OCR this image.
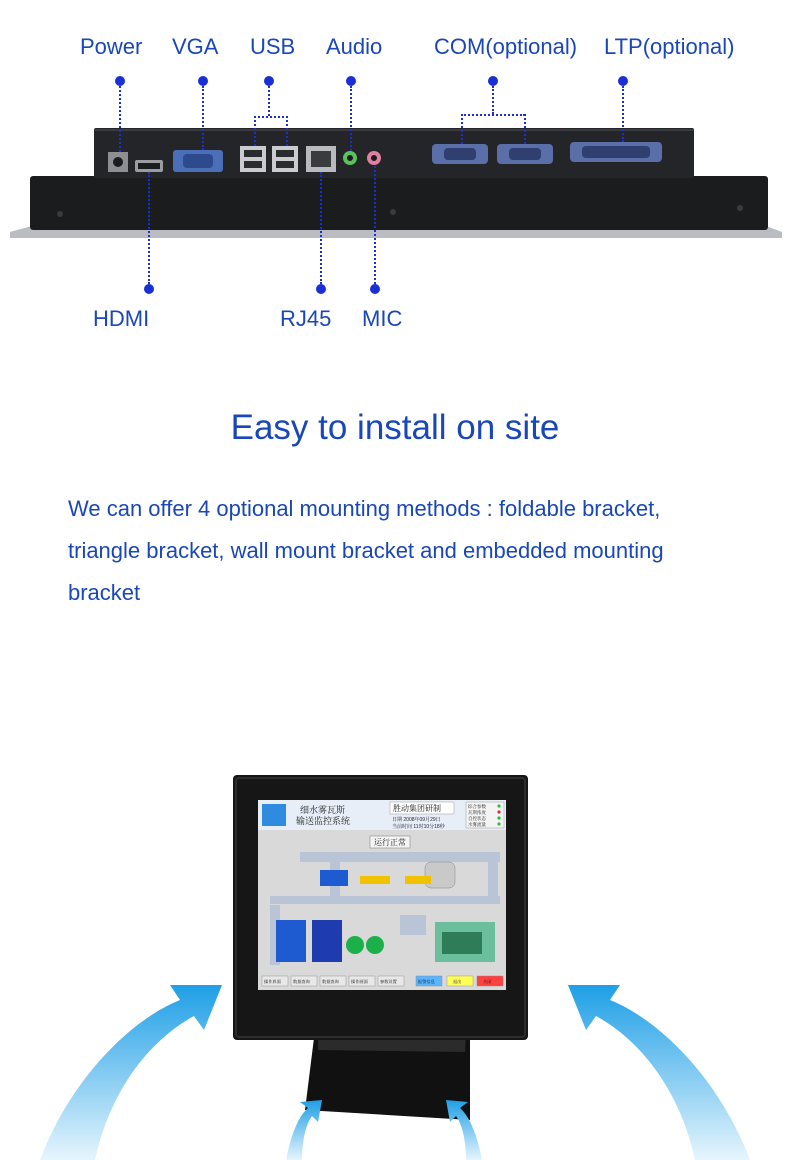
Power VGA USB Audio COM(optional) LTP(optional)
HDMI	RJ45 MIC
Easy to install on site
We can offer 4 optional mounting methods : foldable bracket,
triangle bracket, wall mount bracket and embedded mounting
bracket
细水雾瓦斯
输送监控系统
胜动集团研制
日期 2008年09月29日
当前时间 11时10分18秒
综合参数
瓦斯浓度
自控状态
水雾流量
运行正常
操作界面	数据查询	数据查询	操作画面	参数设置	报警信息	退出	关闭
